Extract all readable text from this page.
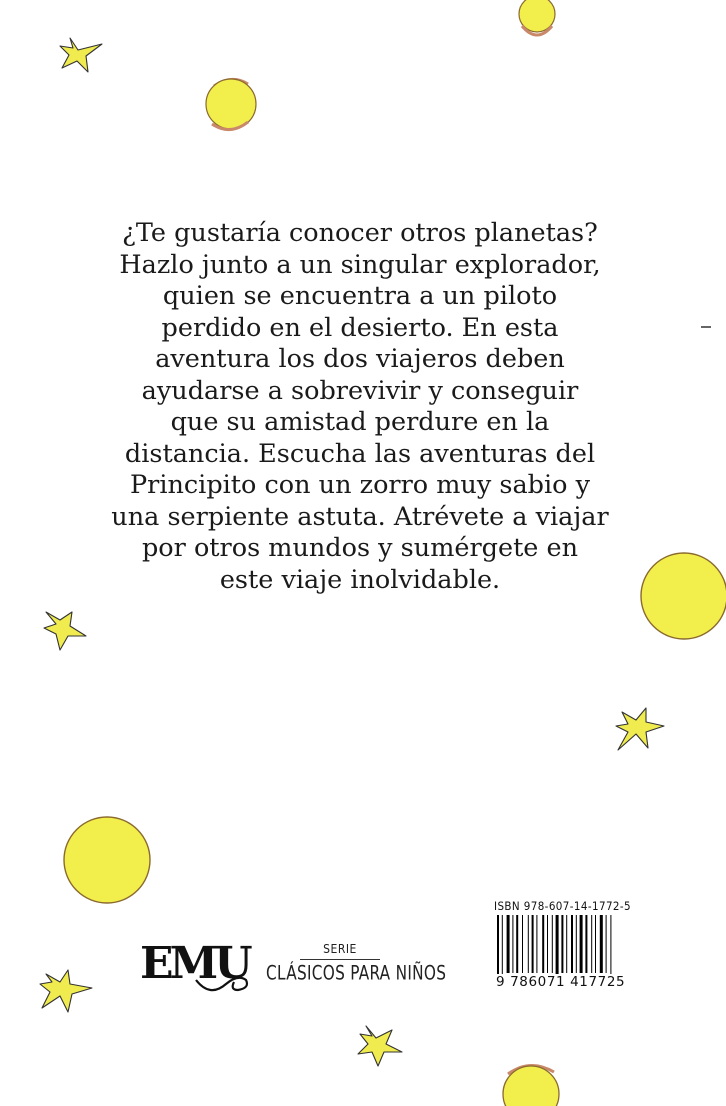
¿Te gustaría conocer otros planetas?
Hazlo junto a un singular explorador,
quien se encuentra a un piloto
perdido en el desierto. En esta
aventura los dos viajeros deben
ayudarse a sobrevivir y conseguir
que su amistad perdure en la
distancia. Escucha las aventuras del
Principito con un zorro muy sabio y
una serpiente astuta. Atrévete a viajar
por otros mundos y sumérgete en
este viaje inolvidable.

EMU	SERIE
CLÁSICOS PARA NIÑOS
ISBN 978-607-14-1772-5
9 786071 417725
